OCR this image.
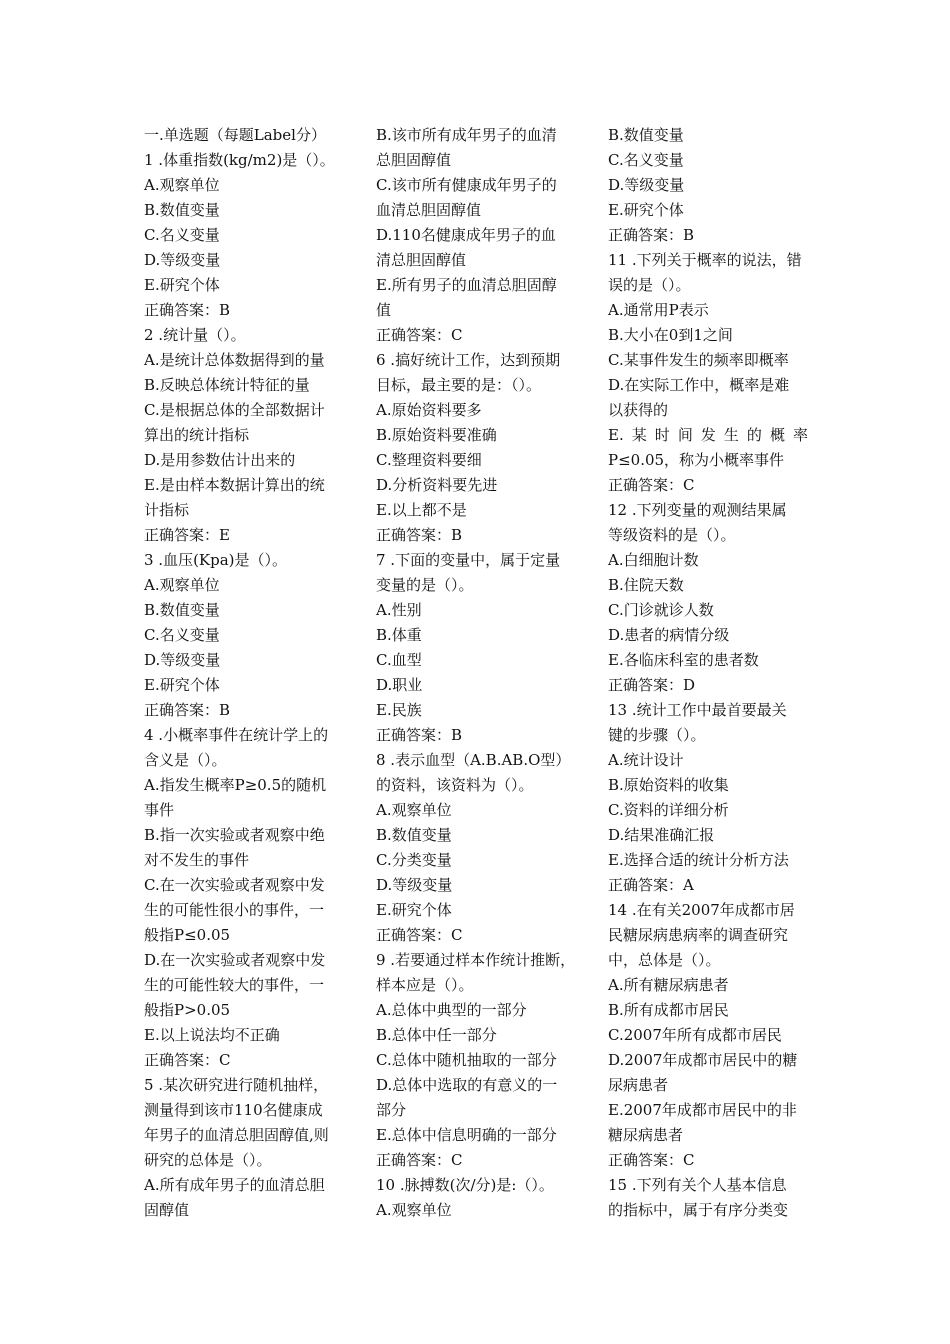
一.单选题（每题Label分）
1 .体重指数(kg/m2)是（）。
A.观察单位
B.数值变量
C.名义变量
D.等级变量
E.研究个体
正确答案：B
2 .统计量（）。
A.是统计总体数据得到的量
B.反映总体统计特征的量
C.是根据总体的全部数据计
算出的统计指标
D.是用参数估计出来的
E.是由样本数据计算出的统
计指标
正确答案：E
3 .血压(Kpa)是（）。
A.观察单位
B.数值变量
C.名义变量
D.等级变量
E.研究个体
正确答案：B
4 .小概率事件在统计学上的
含义是（）。
A.指发生概率P≥0.5的随机
事件
B.指一次实验或者观察中绝
对不发生的事件
C.在一次实验或者观察中发
生的可能性很小的事件，一
般指P≤0.05
D.在一次实验或者观察中发
生的可能性较大的事件，一
般指P>0.05
E.以上说法均不正确
正确答案：C
5 .某次研究进行随机抽样，
测量得到该市110名健康成
年男子的血清总胆固醇值,则
研究的总体是（）。
A.所有成年男子的血清总胆
固醇值
B.该市所有成年男子的血清
总胆固醇值
C.该市所有健康成年男子的
血清总胆固醇值
D.110名健康成年男子的血
清总胆固醇值
E.所有男子的血清总胆固醇
值
正确答案：C
6 .搞好统计工作，达到预期
目标，最主要的是：（）。
A.原始资料要多
B.原始资料要准确
C.整理资料要细
D.分析资料要先进
E.以上都不是
正确答案：B
7 .下面的变量中，属于定量
变量的是（）。
A.性别
B.体重
C.血型
D.职业
E.民族
正确答案：B
8 .表示血型（A.B.AB.O型）
的资料，该资料为（）。
A.观察单位
B.数值变量
C.分类变量
D.等级变量
E.研究个体
正确答案：C
9 .若要通过样本作统计推断，
样本应是（）。
A.总体中典型的一部分
B.总体中任一部分
C.总体中随机抽取的一部分
D.总体中选取的有意义的一
部分
E.总体中信息明确的一部分
正确答案：C
10 .脉搏数(次/分)是:（）。
A.观察单位
B.数值变量
C.名义变量
D.等级变量
E.研究个体
正确答案：B
11 .下列关于概率的说法，错
误的是（）。
A.通常用P表示
B.大小在0到1之间
C.某事件发生的频率即概率
D.在实际工作中，概率是难
以获得的
E.某时间发生的概率
P≤0.05，称为小概率事件
正确答案：C
12 .下列变量的观测结果属
等级资料的是（）。
A.白细胞计数
B.住院天数
C.门诊就诊人数
D.患者的病情分级
E.各临床科室的患者数
正确答案：D
13 .统计工作中最首要最关
键的步骤（）。
A.统计设计
B.原始资料的收集
C.资料的详细分析
D.结果准确汇报
E.选择合适的统计分析方法
正确答案：A
14 .在有关2007年成都市居
民糖尿病患病率的调查研究
中，总体是（）。
A.所有糖尿病患者
B.所有成都市居民
C.2007年所有成都市居民
D.2007年成都市居民中的糖
尿病患者
E.2007年成都市居民中的非
糖尿病患者
正确答案：C
15 .下列有关个人基本信息
的指标中，属于有序分类变
